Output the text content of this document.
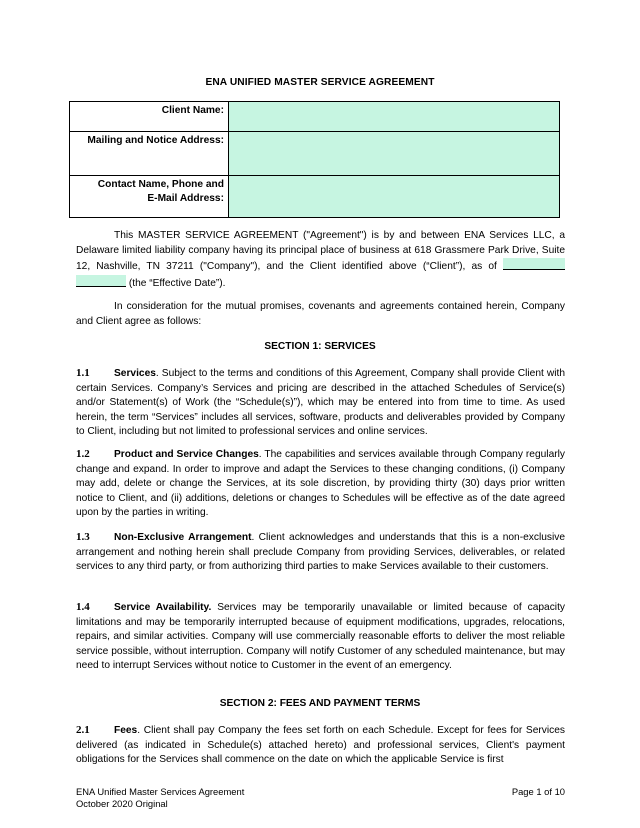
ENA UNIFIED MASTER SERVICE AGREEMENT
Client Name:	
Mailing and Notice Address:	
Contact Name, Phone and
E-Mail Address:	
This MASTER SERVICE AGREEMENT ("Agreement") is by and between ENA Services LLC, a Delaware limited liability company having its principal place of business at 618 Grassmere Park Drive, Suite 12, Nashville, TN 37211 ("Company"), and the Client identified above (“Client”), as of   (the “Effective Date”).
In consideration for the mutual promises, covenants and agreements contained herein, Company and Client agree as follows:
SECTION 1: SERVICES
1.1 Services. Subject to the terms and conditions of this Agreement, Company shall provide Client with certain Services. Company’s Services and pricing are described in the attached Schedules of Service(s) and/or Statement(s) of Work (the “Schedule(s)”), which may be entered into from time to time. As used herein, the term “Services” includes all services, software, products and deliverables provided by Company to Client, including but not limited to professional services and online services.
1.2 Product and Service Changes. The capabilities and services available through Company regularly change and expand. In order to improve and adapt the Services to these changing conditions, (i) Company may add, delete or change the Services, at its sole discretion, by providing thirty (30) days prior written notice to Client, and (ii) additions, deletions or changes to Schedules will be effective as of the date agreed upon by the parties in writing.
1.3 Non-Exclusive Arrangement. Client acknowledges and understands that this is a non-exclusive arrangement and nothing herein shall preclude Company from providing Services, deliverables, or related services to any third party, or from authorizing third parties to make Services available to their customers.
1.4 Service Availability. Services may be temporarily unavailable or limited because of capacity limitations and may be temporarily interrupted because of equipment modifications, upgrades, relocations, repairs, and similar activities. Company will use commercially reasonable efforts to deliver the most reliable service possible, without interruption. Company will notify Customer of any scheduled maintenance, but may need to interrupt Services without notice to Customer in the event of an emergency.
SECTION 2: FEES AND PAYMENT TERMS
2.1 Fees. Client shall pay Company the fees set forth on each Schedule. Except for fees for Services delivered (as indicated in Schedule(s) attached hereto) and professional services, Client's payment obligations for the Services shall commence on the date on which the applicable Service is first
ENA Unified Master Services Agreement
October 2020 Original
Page 1 of 10
